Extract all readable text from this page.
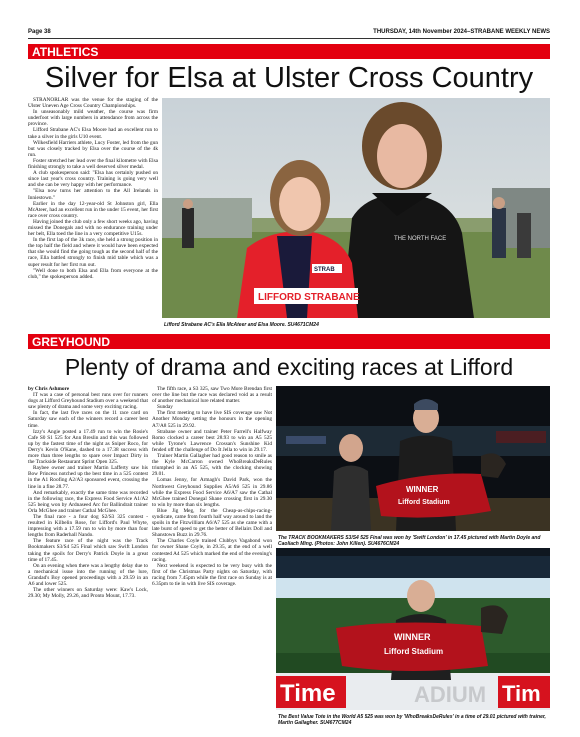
Page 38	THURSDAY, 14th November 2024–STRABANE WEEKLY NEWS
ATHLETICS
Silver for Elsa at Ulster Cross Country

STRANORLAR was the venue for the staging of the Ulster Uneven Age Cross Country Championships.

In unseasonably mild weather, the course was firm underfoot with large numbers in attendance from across the province.

Lifford Strabane AC's Elsa Moore had an excellent run to take a silver in the girls U10 event.

Wilkesfield Harriers athlete, Lucy Foster, led from the gun but was closely tracked by Elsa over the course of the 4k run.

Foster stretched her lead over the final kilometre with Elsa finishing strongly to take a well deserved silver medal.

A club spokesperson said: "Elsa has certainly pushed on since last year's cross country. Training is going very well and she can be very happy with her performance.

"Elsa now turns her attention to the All Irelands in Inniestown."

Earlier in the day 12-year-old St Johnston girl, Ella McAteer, had an excellent run in the under 15 event, her first race over cross country.

Having joined the club only a few short weeks ago, having missed the Donegals and with no endurance training under her belt, Ella toed the line in a very competitive U15s.

In the first lap of the 3k race, she held a strong position in the top half the field and where it would have been expected that she would find the going tough as the second half of the race, Ella battled strongly to finish mid table which was a super result for her first run out.

"Well done to both Elsa and Ella from everyone at the club," the spokesperson added.

THE NORTH FACE
LIFFORD STRABANE
STRAB
Lifford Strabane AC's Ella McAteer and Elsa Moore. SU4671CM24
GREYHOUND
Plenty of drama and exciting races at Lifford

by Chris Ashmore

IT was a case of personal best runs over for runners dogs at Lifford Greyhound Stadium over a weekend that saw plenty of drama and some very exciting racing.

In fact, the last five races on the 11 race card on Saturday saw each of the winners record a career best time.

Izzy's Angie posted a 17.49 run to win the Rosie's Cafe S0 S1 525 for Ann Breslin and this was followed up by the fastest time of the night as Sniper Roco, for Derry's Kevin O'Kane, dashed to a 17.38 success with more than three lengths to spare over Impact Dirty in the Trackside Restaurant Sprint Open 325.

Raybee owner and trainer Martin Lafferty saw his Bow Princess notched up the best time in a 525 contest in the A1 Roofing A2/A3 sponsored event, crossing the line in a fine 28.77.

And remarkably, exactly the same time was recorded in the following race, the Express Food Service A1/A2 525 being won by Ardnaseed Arc for Ballindrait trainer Orla McGhee and trainer Cathal McGhee.

The final race - a four dog S2/S3 325 contest - resulted in Kilbelin Rose, for Lifford's Paul Whyte, impressing with a 17.59 run to win by more than four lengths from Raderhall Nando.

The feature race of the night was the Track Bookmakers S3/S4 525 Final which saw Swift London taking the spoils for Derry's Patrick Doyle in a great time of 17.45.

On an evening when there was a lengthy delay due to a mechanical issue into the running of the lure, Grandad's Boy opened proceedings with a 29.59 in an A6 and lower 525.

The other winners on Saturday were: Kaw's Lock, 29.30; My Molly, 29.26, and Pronto Mount, 17.73.

The fifth race, a S3 325, saw Two More Brendan first over the line but the race was declared void as a result of another mechanical lure related matter.

Sunday

The first meeting to have live SIS coverage saw Not Another Monday setting the honours in the opening A7/A8 525 in 29.92.

Strabane owner and trainer Peter Farrell's Halfway Romo clocked a career best 28.93 to win an A5 525 while Tyrone's Lawrence Crossan's Sunshine Kid fended off the challenge of Do It Jella to win in 29.17.

Trainer Martin Gallagher had good reason to smile as the Kyle McCarron owned WhoBreaksDeRules triumphed in an A5 525, with the clocking showing 29.01.

Lomas Jenny, for Armagh's David Park, won the Northwest Greyhound Supplies A5/A6 525 in 29.86 while the Express Food Service A6/A7 saw the Cathal McGhee trained Donegal Shane crossing first in 29.30 to win by more than six lengths.

Blue Jig Meg, for the Cheap-as-chips-racing-syndicate, came from fourth half way around to land the spoils in the Fitzwilliam A6/A7 525 as she came with a late burst of speed to get the better of Bellairs Doll and Shanstown Buzz in 29.76.

The Charles Coyle trained Clubbys Vagabond won for owner Shane Coyle, in 29.35, at the end of a well contested A4 525 which marked the end of the evening's racing.

Next weekend is expected to be very busy with the first of the Christmas Party nights on Saturday, with racing from 7.45pm while the first race on Sunday is at 6.35pm to tie in with live SIS coverage.

WINNER
Lifford Stadium
The TRACK BOOKMAKERS S3/S4 525 Final was won by 'Swift London' in 17.45 pictured with Martin Doyle and Caoliach Ming. (Photos: John Killen). SU4676CM24
Time	ADIUM Tim
WINNER
Lifford Stadium
The Best Value Tote in the World A5 525 was won by 'WhoBreaksDeRules' in a time of 29.01 pictured with trainer, Martin Gallagher. SU4677CM24
